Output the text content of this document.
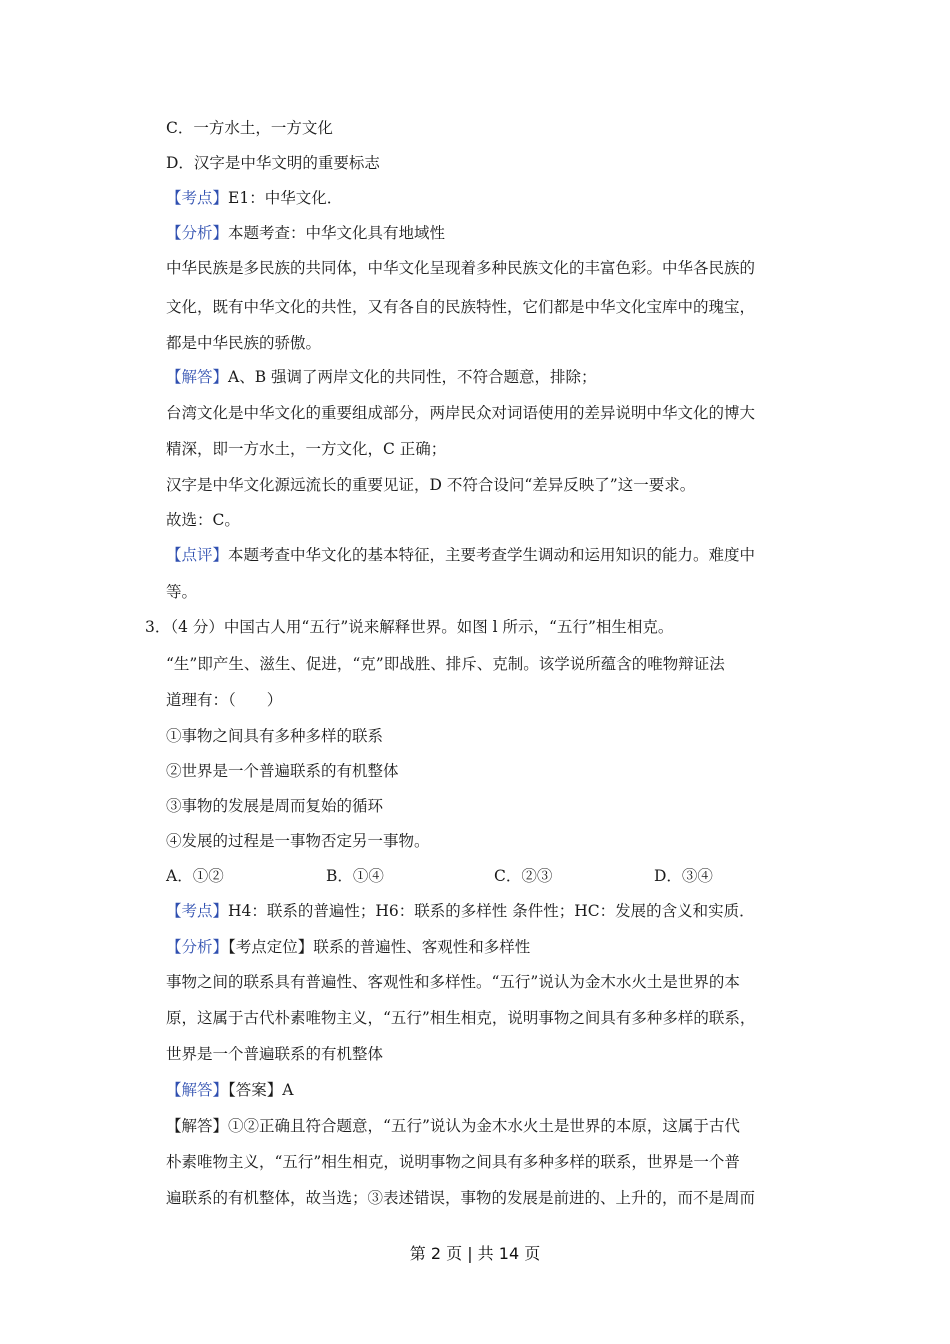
C．一方水土，一方文化
D．汉字是中华文明的重要标志
【考点】E1：中华文化．
【分析】本题考查：中华文化具有地域性
中华民族是多民族的共同体，中华文化呈现着多种民族文化的丰富色彩。中华各民族的
文化，既有中华文化的共性，又有各自的民族特性，它们都是中华文化宝库中的瑰宝，
都是中华民族的骄傲。
【解答】A、B 强调了两岸文化的共同性，不符合题意，排除；
台湾文化是中华文化的重要组成部分，两岸民众对词语使用的差异说明中华文化的博大
精深，即一方水土，一方文化，C 正确；
汉字是中华文化源远流长的重要见证，D 不符合设问“差异反映了”这一要求。
故选：C。
【点评】本题考查中华文化的基本特征，主要考查学生调动和运用知识的能力。难度中
等。
3．（4 分）中国古人用“五行”说来解释世界。如图 l 所示，“五行”相生相克。
“生”即产生、滋生、促进，“克”即战胜、排斥、克制。该学说所蕴含的唯物辩证法
道理有：（　　）
①事物之间具有多种多样的联系
②世界是一个普遍联系的有机整体
③事物的发展是周而复始的循环
④发展的过程是一事物否定另一事物。
A．①②	B．①④	C．②③	D．③④
【考点】H4：联系的普遍性；H6：联系的多样性 条件性；HC：发展的含义和实质．
【分析】【考点定位】联系的普遍性、客观性和多样性
事物之间的联系具有普遍性、客观性和多样性。“五行”说认为金木水火土是世界的本
原，这属于古代朴素唯物主义，“五行”相生相克，说明事物之间具有多种多样的联系，
世界是一个普遍联系的有机整体
【解答】【答案】A
【解答】①②正确且符合题意，“五行”说认为金木水火土是世界的本原，这属于古代
朴素唯物主义，“五行”相生相克，说明事物之间具有多种多样的联系，世界是一个普
遍联系的有机整体，故当选；③表述错误，事物的发展是前进的、上升的，而不是周而
第 2 页 | 共 14 页
